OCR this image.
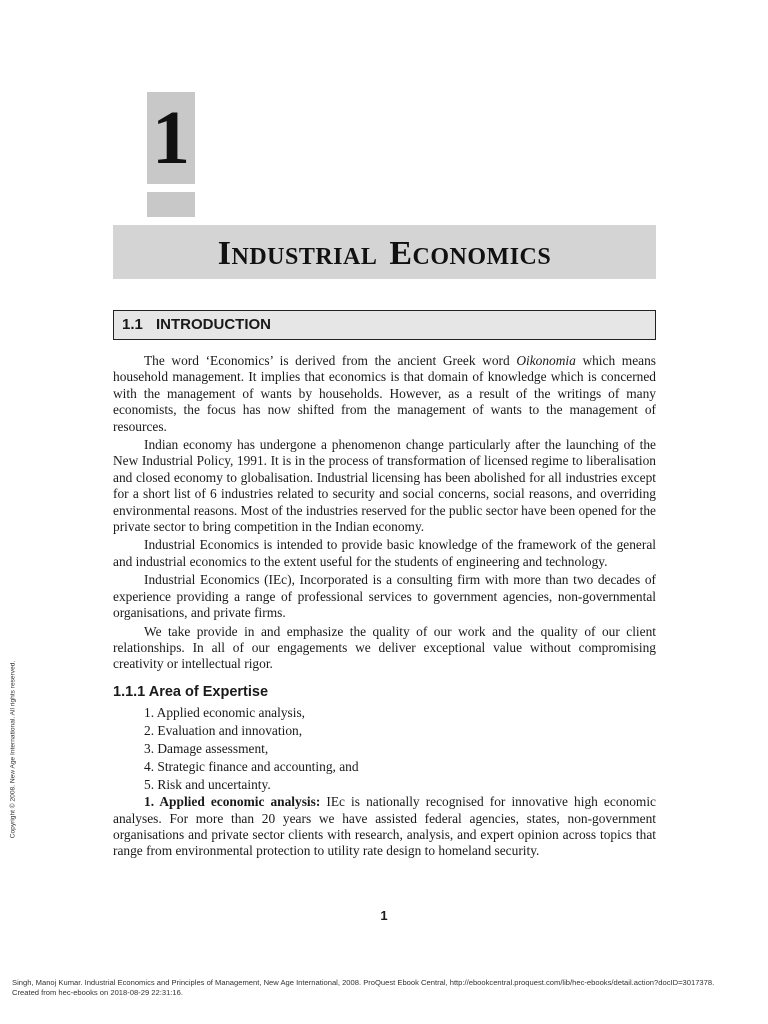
1
Industrial Economics
1.1 INTRODUCTION

The word ‘Economics’ is derived from the ancient Greek word Oikonomia which means household management. It implies that economics is that domain of knowledge which is concerned with the management of wants by households. However, as a result of the writings of many economists, the focus has now shifted from the management of wants to the management of resources.

Indian economy has undergone a phenomenon change particularly after the launching of the New Industrial Policy, 1991. It is in the process of transformation of licensed regime to liberalisation and closed economy to globalisation. Industrial licensing has been abolished for all industries except for a short list of 6 industries related to security and social concerns, social reasons, and overriding environmental reasons. Most of the industries reserved for the public sector have been opened for the private sector to bring competition in the Indian economy.

Industrial Economics is intended to provide basic knowledge of the framework of the general and industrial economics to the extent useful for the students of engineering and technology.

Industrial Economics (IEc), Incorporated is a consulting firm with more than two decades of experience providing a range of professional services to government agencies, non-governmental organisations, and private firms.

We take provide in and emphasize the quality of our work and the quality of our client relationships. In all of our engagements we deliver exceptional value without compromising creativity or intellectual rigor.

1.1.1 Area of Expertise
1. Applied economic analysis,
2. Evaluation and innovation,
3. Damage assessment,
4. Strategic finance and accounting, and
5. Risk and uncertainty.

1. Applied economic analysis: IEc is nationally recognised for innovative high economic analyses. For more than 20 years we have assisted federal agencies, states, non-government organisations and private sector clients with research, analysis, and expert opinion across topics that range from environmental protection to utility rate design to homeland security.

1
Copyright © 2008. New Age International. All rights reserved.
Singh, Manoj Kumar. Industrial Economics and Principles of Management, New Age International, 2008. ProQuest Ebook Central, http://ebookcentral.proquest.com/lib/hec-ebooks/detail.action?docID=3017378.
Created from hec-ebooks on 2018-08-29 22:31:16.
